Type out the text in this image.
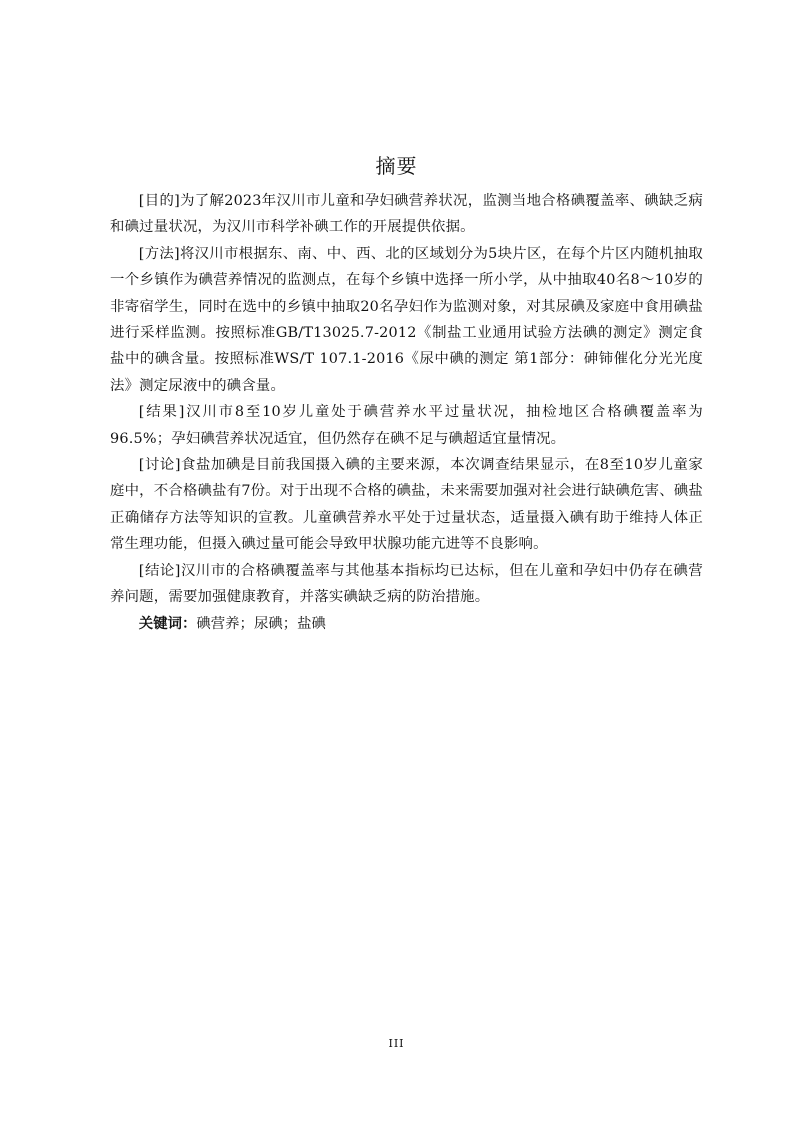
摘要

[目的]为了解2023年汉川市儿童和孕妇碘营养状况，监测当地合格碘覆盖率、碘缺乏病和碘过量状况，为汉川市科学补碘工作的开展提供依据。

[方法]将汉川市根据东、南、中、西、北的区域划分为5块片区，在每个片区内随机抽取一个乡镇作为碘营养情况的监测点，在每个乡镇中选择一所小学，从中抽取40名8～10岁的非寄宿学生，同时在选中的乡镇中抽取20名孕妇作为监测对象，对其尿碘及家庭中食用碘盐进行采样监测。按照标准GB/T13025.7-2012《制盐工业通用试验方法碘的测定》测定食盐中的碘含量。按照标准WS/T 107.1-2016《尿中碘的测定 第1部分：砷铈催化分光光度法》测定尿液中的碘含量。

[结果]汉川市8至10岁儿童处于碘营养水平过量状况，抽检地区合格碘覆盖率为96.5%；孕妇碘营养状况适宜，但仍然存在碘不足与碘超适宜量情况。

[讨论]食盐加碘是目前我国摄入碘的主要来源，本次调查结果显示，在8至10岁儿童家庭中，不合格碘盐有7份。对于出现不合格的碘盐，未来需要加强对社会进行缺碘危害、碘盐正确储存方法等知识的宣教。儿童碘营养水平处于过量状态，适量摄入碘有助于维持人体正常生理功能，但摄入碘过量可能会导致甲状腺功能亢进等不良影响。

[结论]汉川市的合格碘覆盖率与其他基本指标均已达标，但在儿童和孕妇中仍存在碘营养问题，需要加强健康教育，并落实碘缺乏病的防治措施。

关键词：碘营养；尿碘；盐碘

III
